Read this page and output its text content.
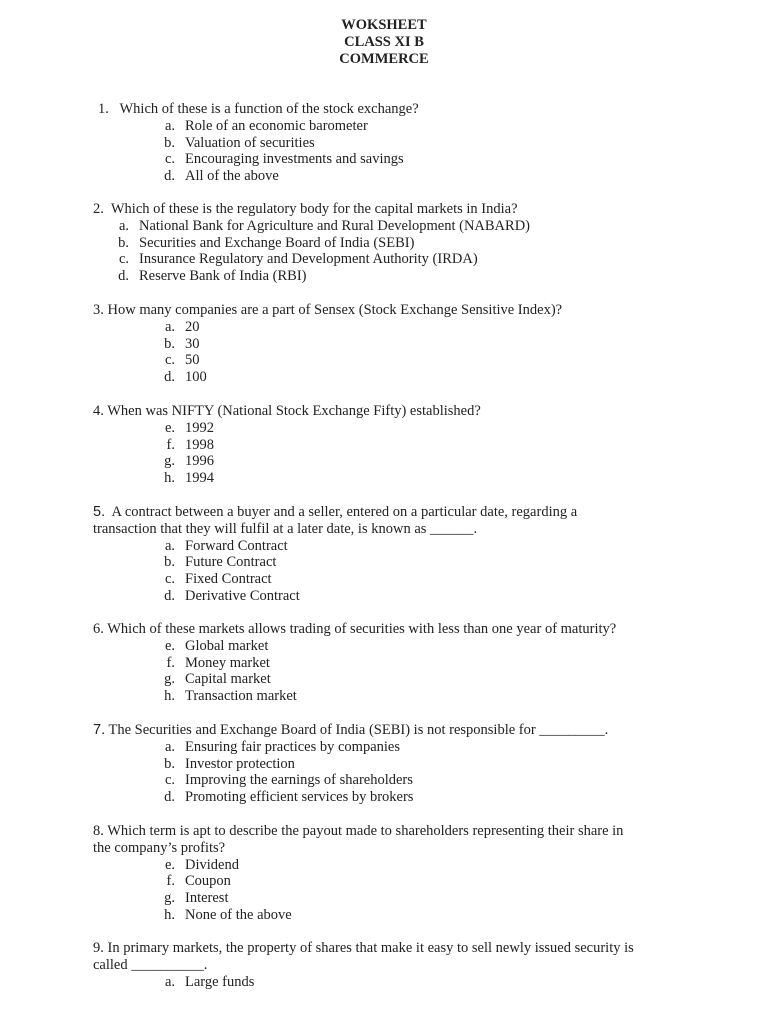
WOKSHEET
CLASS XI B
COMMERCE

1. Which of these is a function of the stock exchange?

a. Role of an economic barometer
b. Valuation of securities
c. Encouraging investments and savings
d. All of the above

2. Which of these is the regulatory body for the capital markets in India?

a. National Bank for Agriculture and Rural Development (NABARD)
b. Securities and Exchange Board of India (SEBI)
c. Insurance Regulatory and Development Authority (IRDA)
d. Reserve Bank of India (RBI)

3. How many companies are a part of Sensex (Stock Exchange Sensitive Index)?

a. 20
b. 30
c. 50
d. 100

4. When was NIFTY (National Stock Exchange Fifty) established?

e. 1992
f. 1998
g. 1996
h. 1994

5. A contract between a buyer and a seller, entered on a particular date, regarding a
transaction that they will fulfil at a later date, is known as ______.

a. Forward Contract
b. Future Contract
c. Fixed Contract
d. Derivative Contract

6. Which of these markets allows trading of securities with less than one year of maturity?

e. Global market
f. Money market
g. Capital market
h. Transaction market

7. The Securities and Exchange Board of India (SEBI) is not responsible for _________.

a. Ensuring fair practices by companies
b. Investor protection
c. Improving the earnings of shareholders
d. Promoting efficient services by brokers

8. Which term is apt to describe the payout made to shareholders representing their share in
the company’s profits?

e. Dividend
f. Coupon
g. Interest
h. None of the above

9. In primary markets, the property of shares that make it easy to sell newly issued security is
called __________.

a. Large funds
